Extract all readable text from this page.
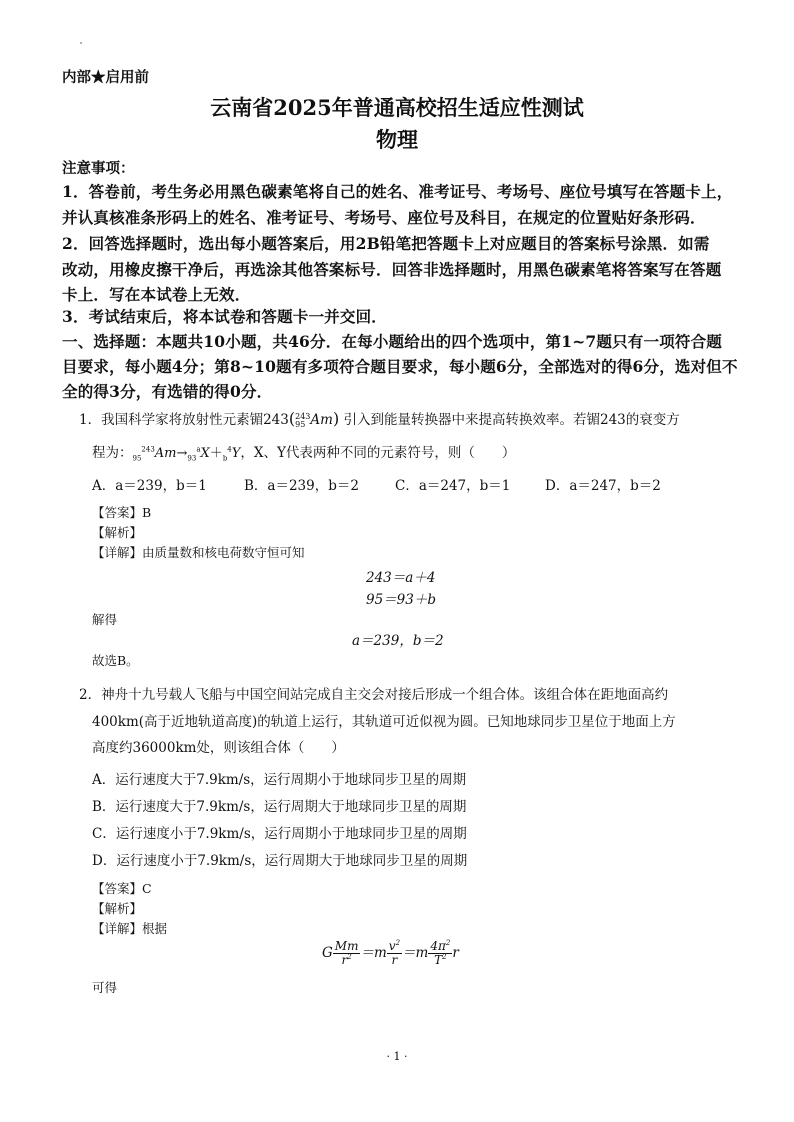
内部★启用前
云南省2025年普通高校招生适应性测试
物理
注意事项：
1．答卷前，考生务必用黑色碳素笔将自己的姓名、准考证号、考场号、座位号填写在答题卡上，
并认真核准条形码上的姓名、准考证号、考场号、座位号及科目，在规定的位置贴好条形码．
2．回答选择题时，选出每小题答案后，用2B铅笔把答题卡上对应题目的答案标号涂黑．如需
改动，用橡皮擦干净后，再选涂其他答案标号．回答非选择题时，用黑色碳素笔将答案写在答题
卡上．写在本试卷上无效．
3．考试结束后，将本试卷和答题卡一并交回．
一、选择题：本题共10小题，共46分．在每小题给出的四个选项中，第1~7题只有一项符合题
目要求，每小题4分；第8~10题有多项符合题目要求，每小题6分，全部选对的得6分，选对但不
全的得3分，有选错的得0分．
1．我国科学家将放射性元素镅243( 243
95 Am) 引入到能量转换器中来提高转换效率。若镅243的衰变方
程为：$_{95}^{243}Am\to_{93}^aX+_b^4Y$，X、Y代表两种不同的元素符号，则（　　）
A．a＝239，b＝1	B．a＝239，b＝2	C．a＝247，b＝1	D．a＝247，b＝2
【答案】B
【解析】
【详解】由质量数和核电荷数守恒可知
243＝a＋4
95＝93＋b
解得
a＝239，b＝2
故选B。
2．神舟十九号载人飞船与中国空间站完成自主交会对接后形成一个组合体。该组合体在距地面高约
400km(高于近地轨道高度)的轨道上运行，其轨道可近似视为圆。已知地球同步卫星位于地面上方
高度约36000km处，则该组合体（　　）
A．运行速度大于7.9km/s，运行周期小于地球同步卫星的周期
B．运行速度大于7.9km/s，运行周期大于地球同步卫星的周期
C．运行速度小于7.9km/s，运行周期小于地球同步卫星的周期
D．运行速度小于7.9km/s，运行周期大于地球同步卫星的周期
【答案】C
【解析】
【详解】根据
G $\frac{Mm}{r^2} =m \frac{v^2}{r} =m \frac{4\pi^2}{T^2}$ r
可得
· 1 ·
